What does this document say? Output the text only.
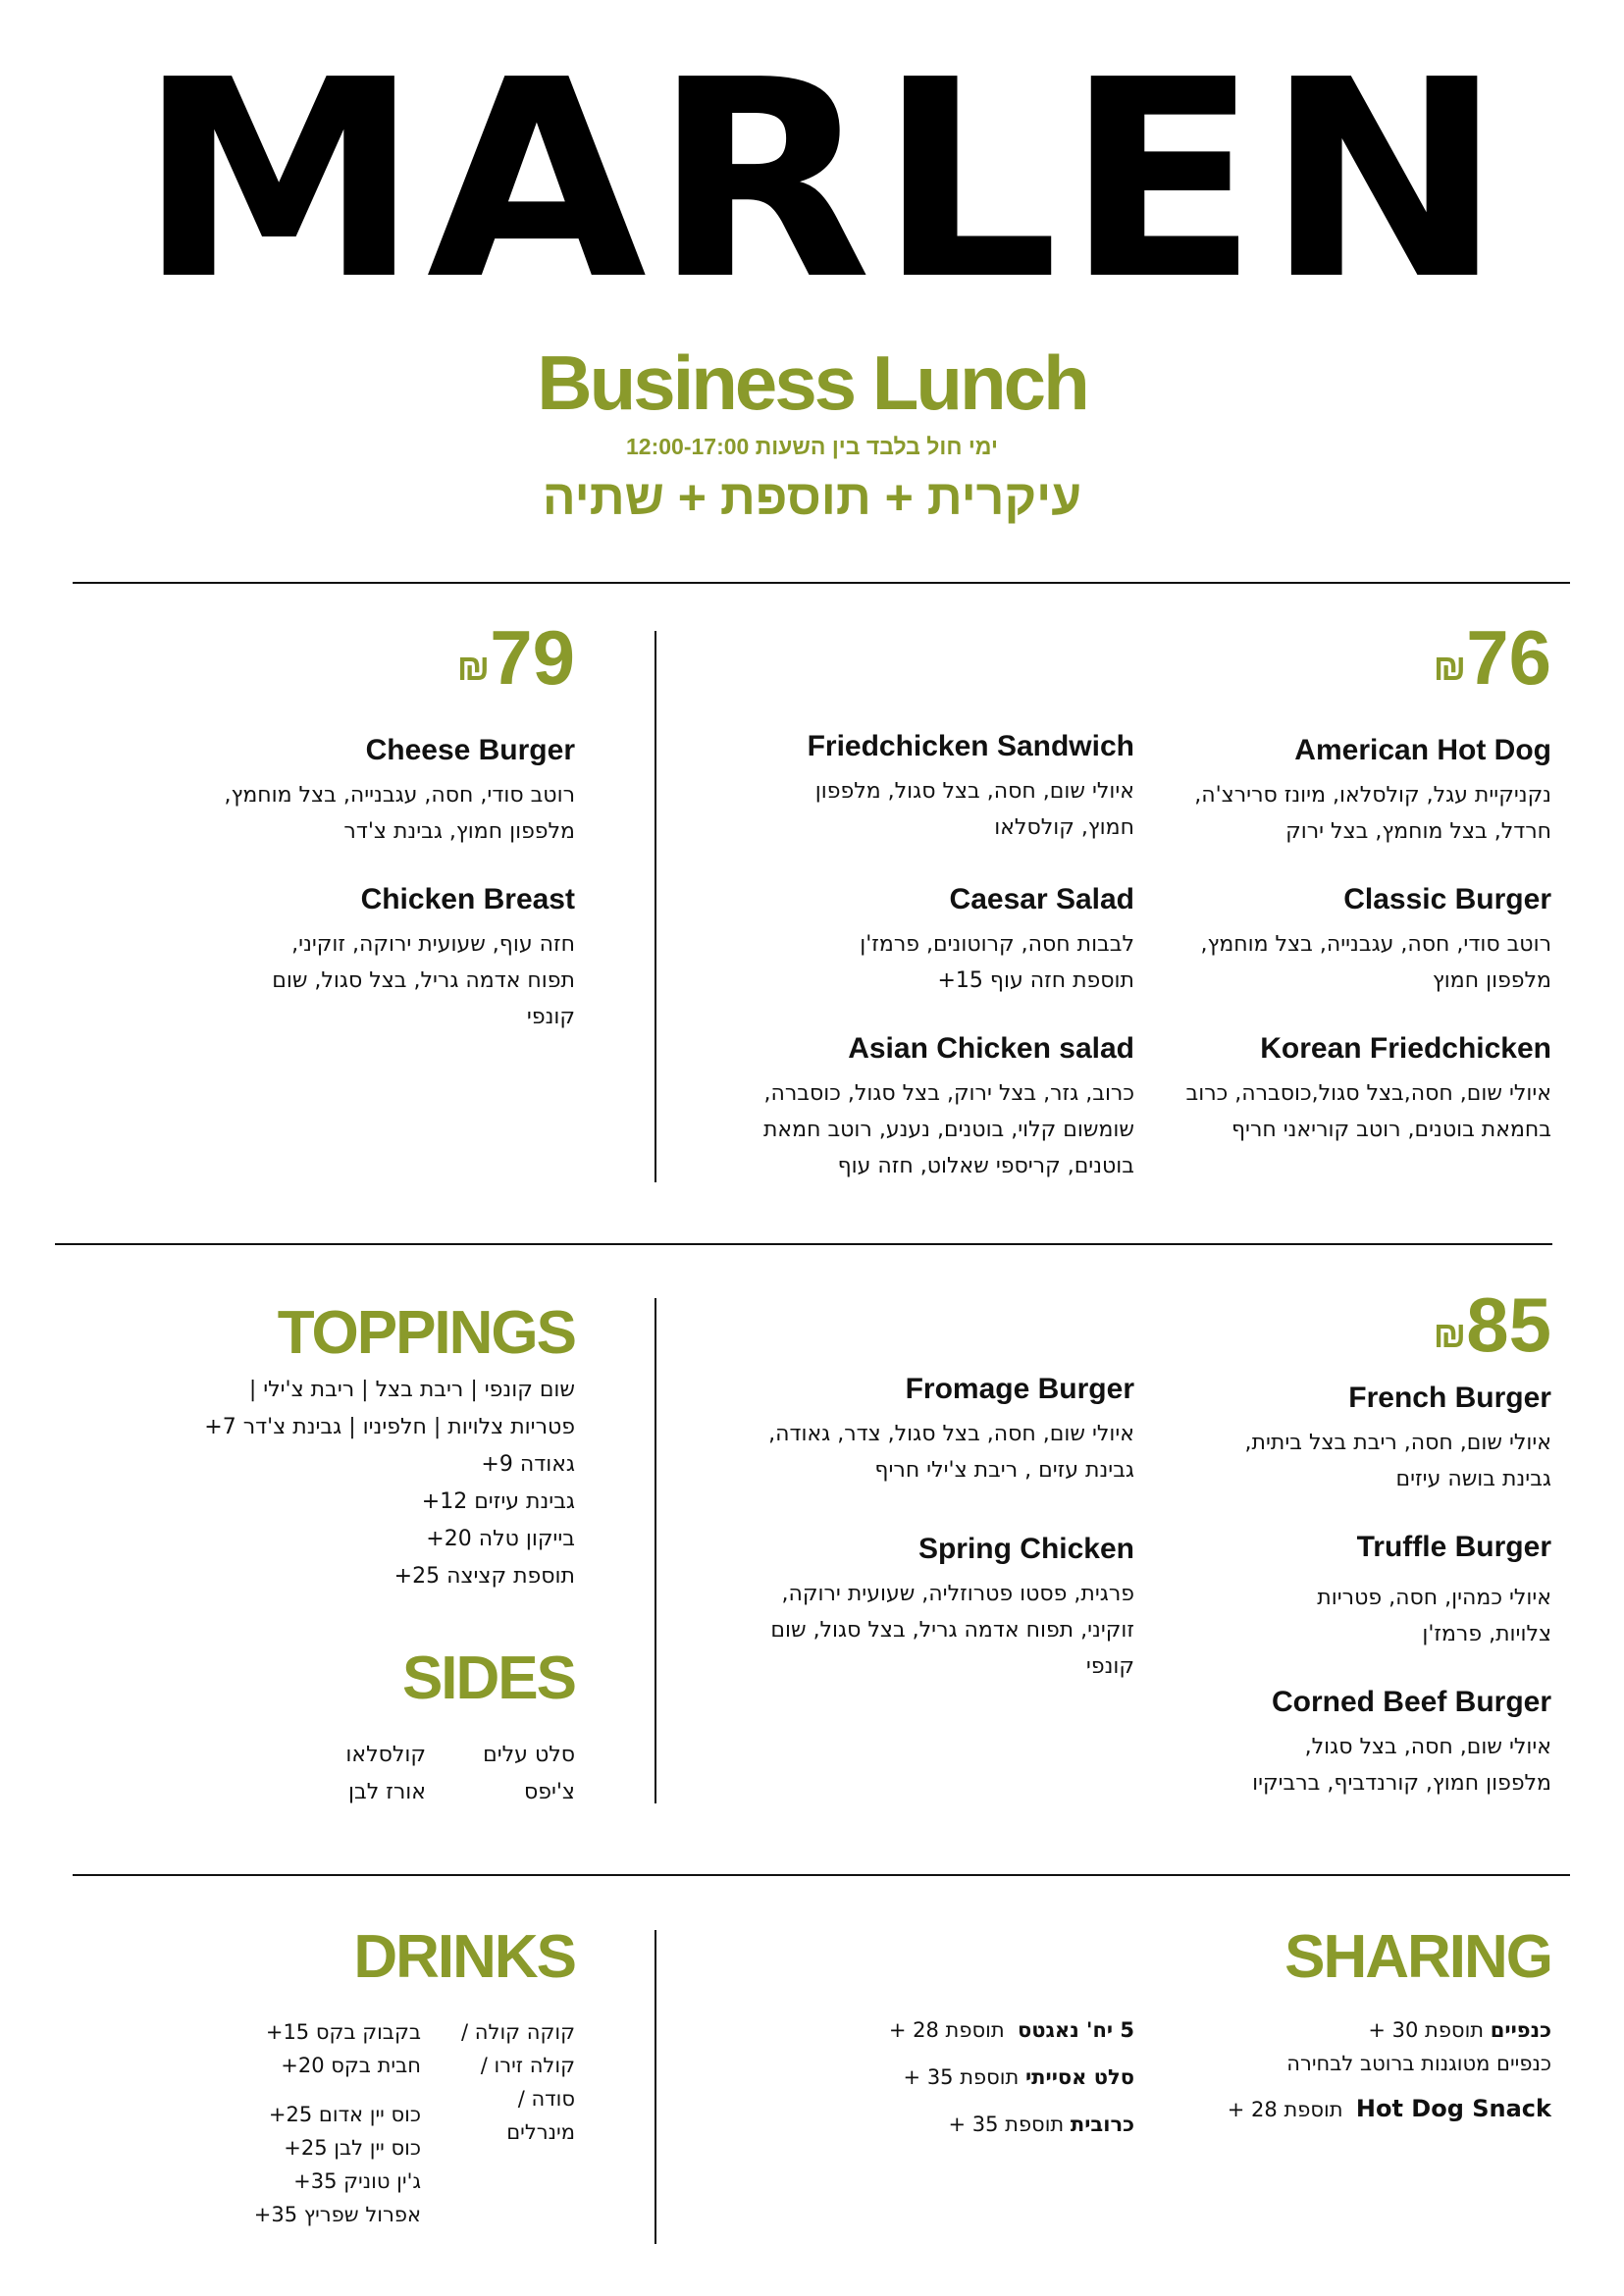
MARLEN
Business Lunch
ימי חול בלבד בין השעות 12:00-17:00
עיקרית + תוספת + שתיה
₪76
American Hot Dog
נקניקיית עגל, קולסלאו, מיונז סרירצ'ה,
חרדל, בצל מוחמץ, בצל ירוק
Classic Burger
רוטב סודי, חסה, עגבנייה, בצל מוחמץ,
מלפפון חמוץ
Korean Friedchicken
איולי שום, חסה,בצל סגול,כוסברה, כרוב
בחמאת בוטנים, רוטב קוריאני חריף
Friedchicken Sandwich
איולי שום, חסה, בצל סגול, מלפפון
חמוץ, קולסלאו
Caesar Salad
לבבות חסה, קרוטונים, פרמז'ן
תוספת חזה עוף 15+
Asian Chicken salad
כרוב, גזר, בצל ירוק, בצל סגול, כוסברה,
שומשום קלוי, בוטנים, נענע, רוטב חמאת
בוטנים, קריספי שאלוט, חזה עוף
₪79
Cheese Burger
רוטב סודי, חסה, עגבנייה, בצל מוחמץ,
מלפפון חמוץ, גבינת צ'דר
Chicken Breast
חזה עוף, שעועית ירוקה, זוקיני,
תפוח אדמה גריל, בצל סגול, שום
קונפי
₪85
French Burger
איולי שום, חסה, ריבת בצל ביתית,
גבינת בושה עיזים
Truffle Burger
איולי כמהין, חסה, פטריות
צלויות, פרמז'ן
Corned Beef Burger
איולי שום, חסה, בצל סגול,
מלפפון חמוץ, קורנדביף, ברביקיו
Fromage Burger
איולי שום, חסה, בצל סגול, צדר, גאודה,
גבינת עזים , ריבת צ'ילי חריף
Spring Chicken
פרגית, פסטו פטרוזליה, שעועית ירוקה,
זוקיני, תפוח אדמה גריל, בצל סגול, שום
קונפי
TOPPINGS
שום קונפי | ריבת בצל | ריבת צ'ילי |
פטריות צלויות | חלפיניו | גבינת צ'דר 7+
גאודה 9+
גבינת עיזים 12+
בייקון טלה 20+
תוספת קציצה 25+
SIDES
סלט עלים
צ'יפס
קולסלאו
אורז לבן
SHARING
כנפיים תוספת 30 +
כנפיים מטוגנות ברוטב לבחירה
תוספת 28 + Hot Dog Snack
5 יח' נאגטס  תוספת 28 +
סלט אסייתי תוספת 35 +
כרובית תוספת 35 +
DRINKS
קוקה קולה /
קולה זירו /
סודה /
מינרלים
בקבוק בקס 15+
חבית בקס 20+
כוס יין אדום 25+
כוס יין לבן 25+
ג'ין טוניק 35+
אפרול שפריץ 35+
